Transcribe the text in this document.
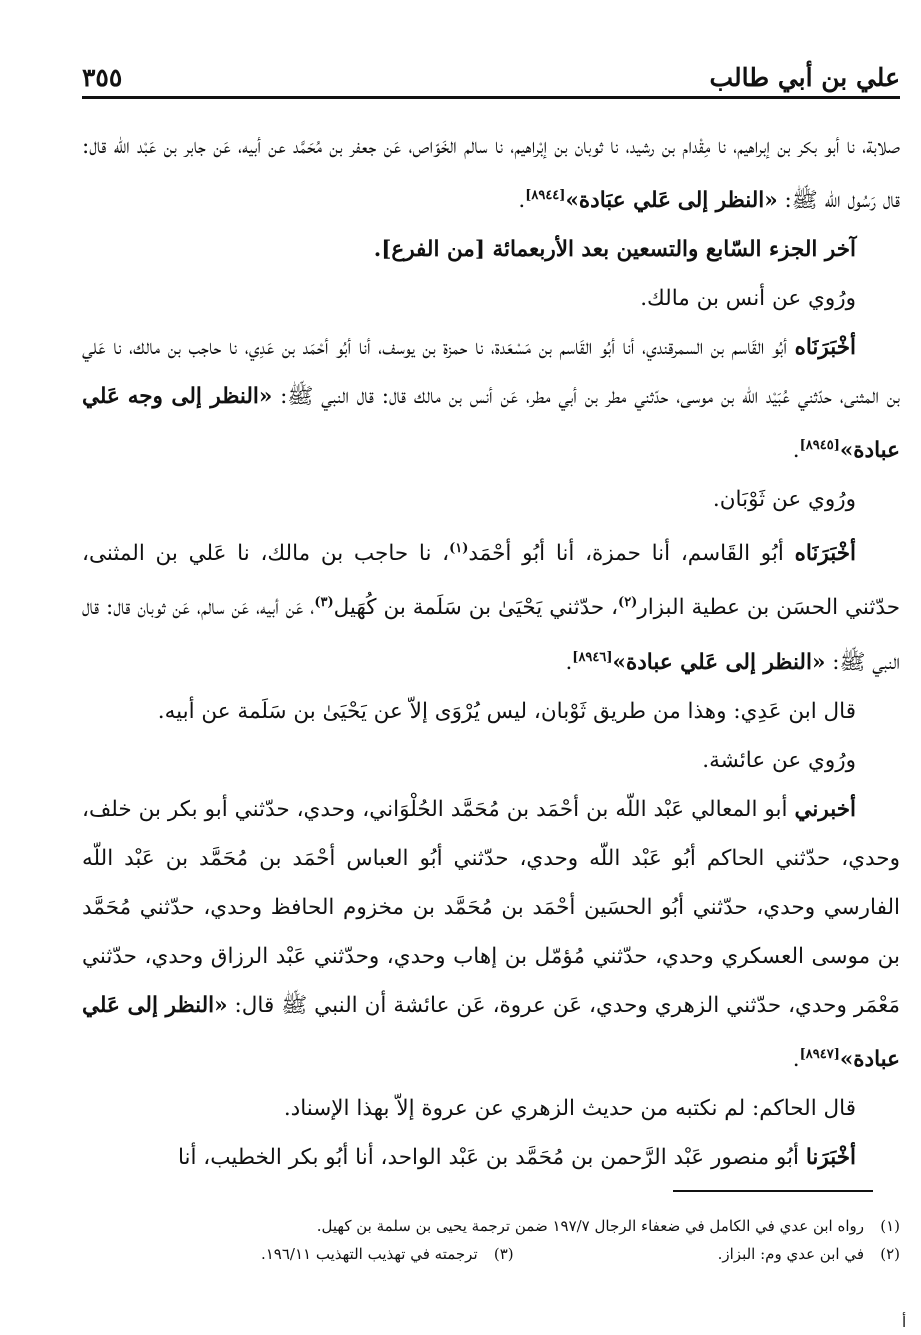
علي بن أبي طالب
٣٥٥

صلابة، نا أبو بكر بن إبراهيم، نا مِقْدام بن رشيد، نا ثوبان بن إبْراهيم، نا سالم الخَوّاص، عَن جعفر بن مُحَمَّد عن أبيه، عَن جابر بن عَبْد اللّه قال: قال رَسُول الله ﷺ: «النظر إلى عَلي عبَادة»[٨٩٤٤].

آخر الجزء السّابع والتسعين بعد الأربعمائة [من الفرع].

ورُوي عن أنس بن مالك.

أخْبَرَنَاه أبُو القَاسم بن السمرقندي، أنا أبُو القَاسم بن مَسْعَدة، نا حمزة بن يوسف، أنا أبُو أحْمَد بن عَدِي، نا حاجب بن مالك، نا عَلي بن المثنى، حدّثني عُبَيْد اللّه بن موسى، حدّثني مطر بن أبي مطر، عَن أنس بن مالك قال: قال النبي ﷺ: «النظر إلى وجه عَلي عبادة»[٨٩٤٥].

ورُوي عن ثَوْبَان.

أخْبَرَنَاه أبُو القَاسم، أنا حمزة، أنا أبُو أحْمَد$^{(١)}$، نا حاجب بن مالك، نا عَلي بن المثنى، حدّثني الحسَن بن عطية البزار$^{(٢)}$، حدّثني يَحْيَىٰ بن سَلَمة بن كُهَيل$^{(٣)}$، عَن أبيه، عَن سالم، عَن ثوبان قال: قال النبي ﷺ: «النظر إلى عَلي عبادة»[٨٩٤٦].

قال ابن عَدِي: وهذا من طريق ثَوْبان، ليس يُرْوَى إلاّ عن يَحْيَىٰ بن سَلَمة عن أبيه.

ورُوي عن عائشة.

أخبرني أبو المعالي عَبْد اللّه بن أحْمَد بن مُحَمَّد الحُلْوَاني، وحدي، حدّثني أبو بكر بن خلف، وحدي، حدّثني الحاكم أبُو عَبْد اللّه وحدي، حدّثني أبُو العباس أحْمَد بن مُحَمَّد بن عَبْد اللّه الفارسي وحدي، حدّثني أبُو الحسَين أحْمَد بن مُحَمَّد بن مخزوم الحافظ وحدي، حدّثني مُحَمَّد بن موسى العسكري وحدي، حدّثني مُؤمّل بن إهاب وحدي، وحدّثني عَبْد الرزاق وحدي، حدّثني مَعْمَر وحدي، حدّثني الزهري وحدي، عَن عروة، عَن عائشة أن النبي ﷺ قال: «النظر إلى عَلي عبادة»[٨٩٤٧].

قال الحاكم: لم نكتبه من حديث الزهري عن عروة إلاّ بهذا الإسناد.

أخْبَرَنا أبُو منصور عَبْد الرَّحمن بن مُحَمَّد بن عَبْد الواحد، أنا أبُو بكر الخطيب، أنا

(١)رواه ابن عدي في الكامل في ضعفاء الرجال ١٩٧/٧ ضمن ترجمة يحيى بن سلمة بن كهيل.

(٢)في ابن عدي وم: البزاز.(٣)ترجمته في تهذيب التهذيب ١٩٦/١١.

أ
